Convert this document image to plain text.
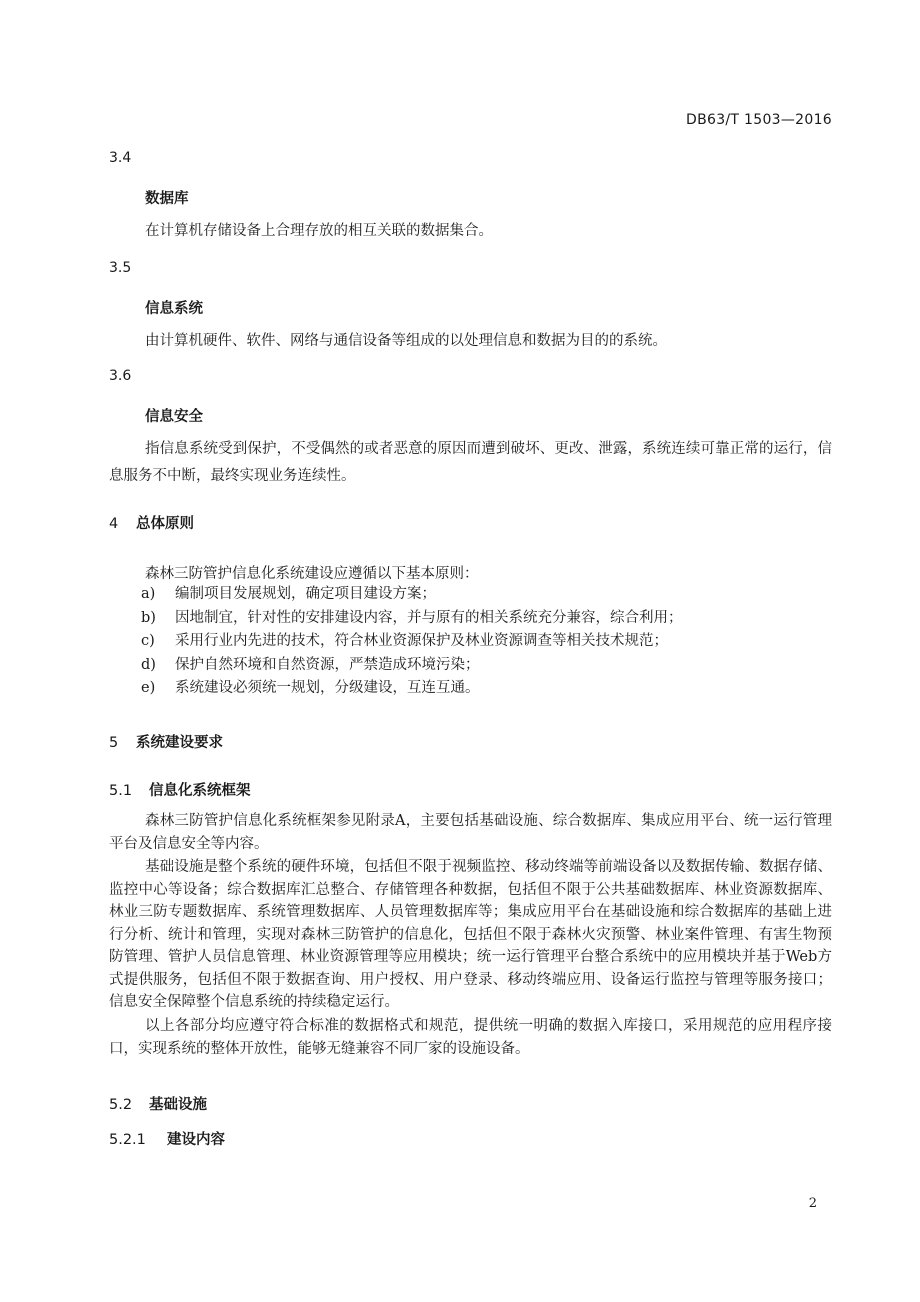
DB63/T 1503—2016
3.4
数据库
在计算机存储设备上合理存放的相互关联的数据集合。
3.5
信息系统
由计算机硬件、软件、网络与通信设备等组成的以处理信息和数据为目的的系统。
3.6
信息安全
指信息系统受到保护，不受偶然的或者恶意的原因而遭到破坏、更改、泄露，系统连续可靠正常的运行，信息服务不中断，最终实现业务连续性。
4 总体原则
森林三防管护信息化系统建设应遵循以下基本原则：
a) 编制项目发展规划，确定项目建设方案；
b) 因地制宜，针对性的安排建设内容，并与原有的相关系统充分兼容，综合利用；
c) 采用行业内先进的技术，符合林业资源保护及林业资源调查等相关技术规范；
d) 保护自然环境和自然资源，严禁造成环境污染；
e) 系统建设必须统一规划，分级建设，互连互通。
5 系统建设要求
5.1 信息化系统框架
森林三防管护信息化系统框架参见附录A，主要包括基础设施、综合数据库、集成应用平台、统一运行管理平台及信息安全等内容。
基础设施是整个系统的硬件环境，包括但不限于视频监控、移动终端等前端设备以及数据传输、数据存储、监控中心等设备；综合数据库汇总整合、存储管理各种数据，包括但不限于公共基础数据库、林业资源数据库、林业三防专题数据库、系统管理数据库、人员管理数据库等；集成应用平台在基础设施和综合数据库的基础上进行分析、统计和管理，实现对森林三防管护的信息化，包括但不限于森林火灾预警、林业案件管理、有害生物预防管理、管护人员信息管理、林业资源管理等应用模块；统一运行管理平台整合系统中的应用模块并基于Web方式提供服务，包括但不限于数据查询、用户授权、用户登录、移动终端应用、设备运行监控与管理等服务接口；信息安全保障整个信息系统的持续稳定运行。
以上各部分均应遵守符合标准的数据格式和规范，提供统一明确的数据入库接口，采用规范的应用程序接口，实现系统的整体开放性，能够无缝兼容不同厂家的设施设备。
5.2 基础设施
5.2.1 建设内容
2
